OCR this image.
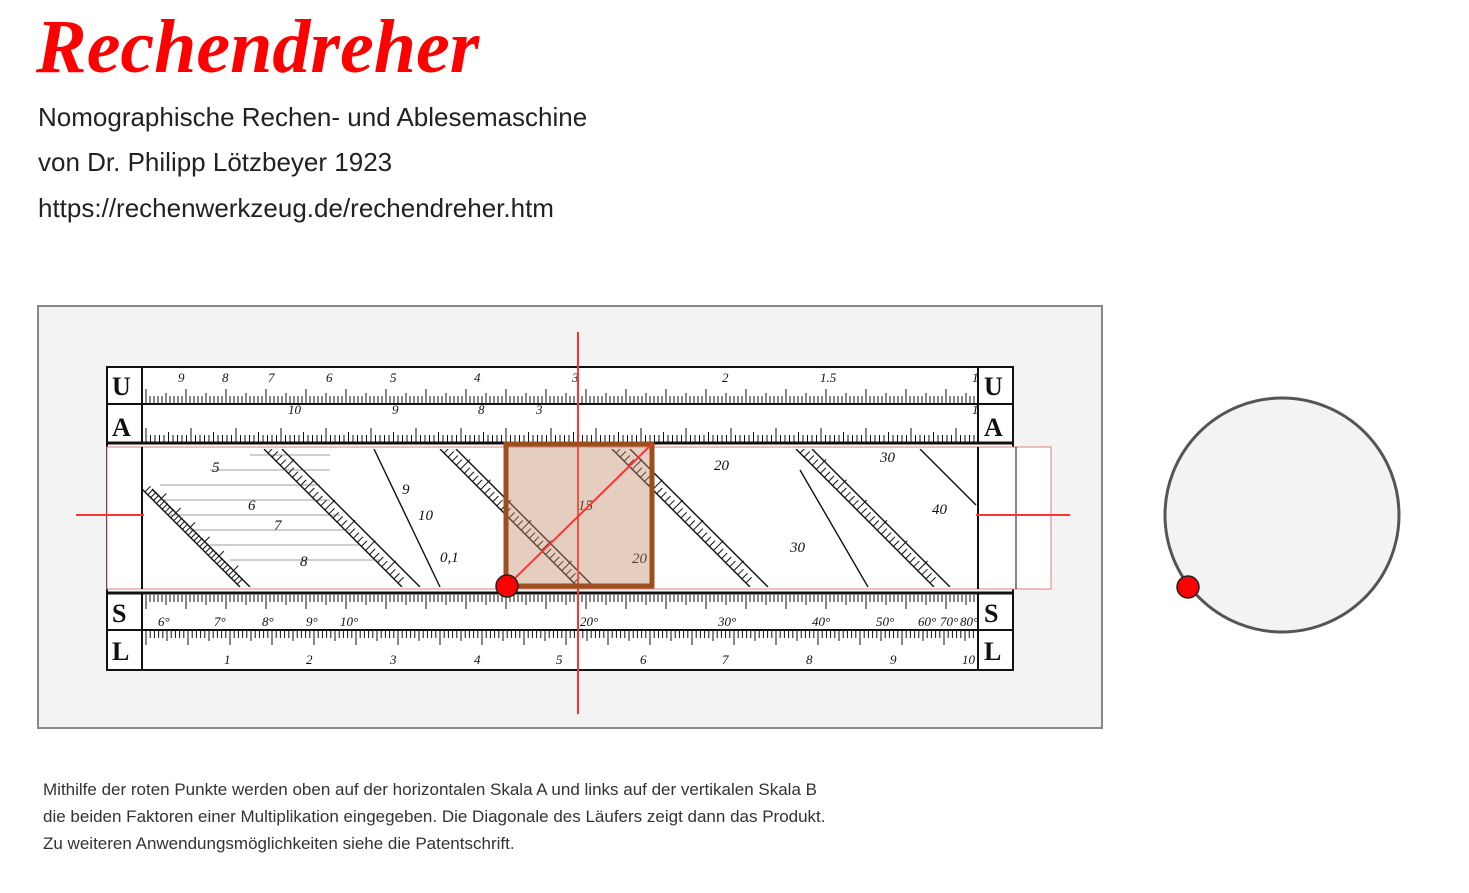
Rechendreher
Nomographische Rechen- und Ablesemaschine
von Dr. Philipp Lötzbeyer 1923
https://rechenwerkzeug.de/rechendreher.htm
U
A
S
L
U
A
S
L
9	8	7	6	5	4	3	2	1.5	1
10	9	8	3	1
6°	7°	8° 9° 10°	20°	30°	40°	50° 60° 70° 80°
1	2	3	4	5	6	7	8	9	10
5
6
7
8
9
10
0,1
15
20
20
30
30
40
Mithilfe der roten Punkte werden oben auf der horizontalen Skala A und links auf der vertikalen Skala B
die beiden Faktoren einer Multiplikation eingegeben. Die Diagonale des Läufers zeigt dann das Produkt.
Zu weiteren Anwendungsmöglichkeiten siehe die Patentschrift.
